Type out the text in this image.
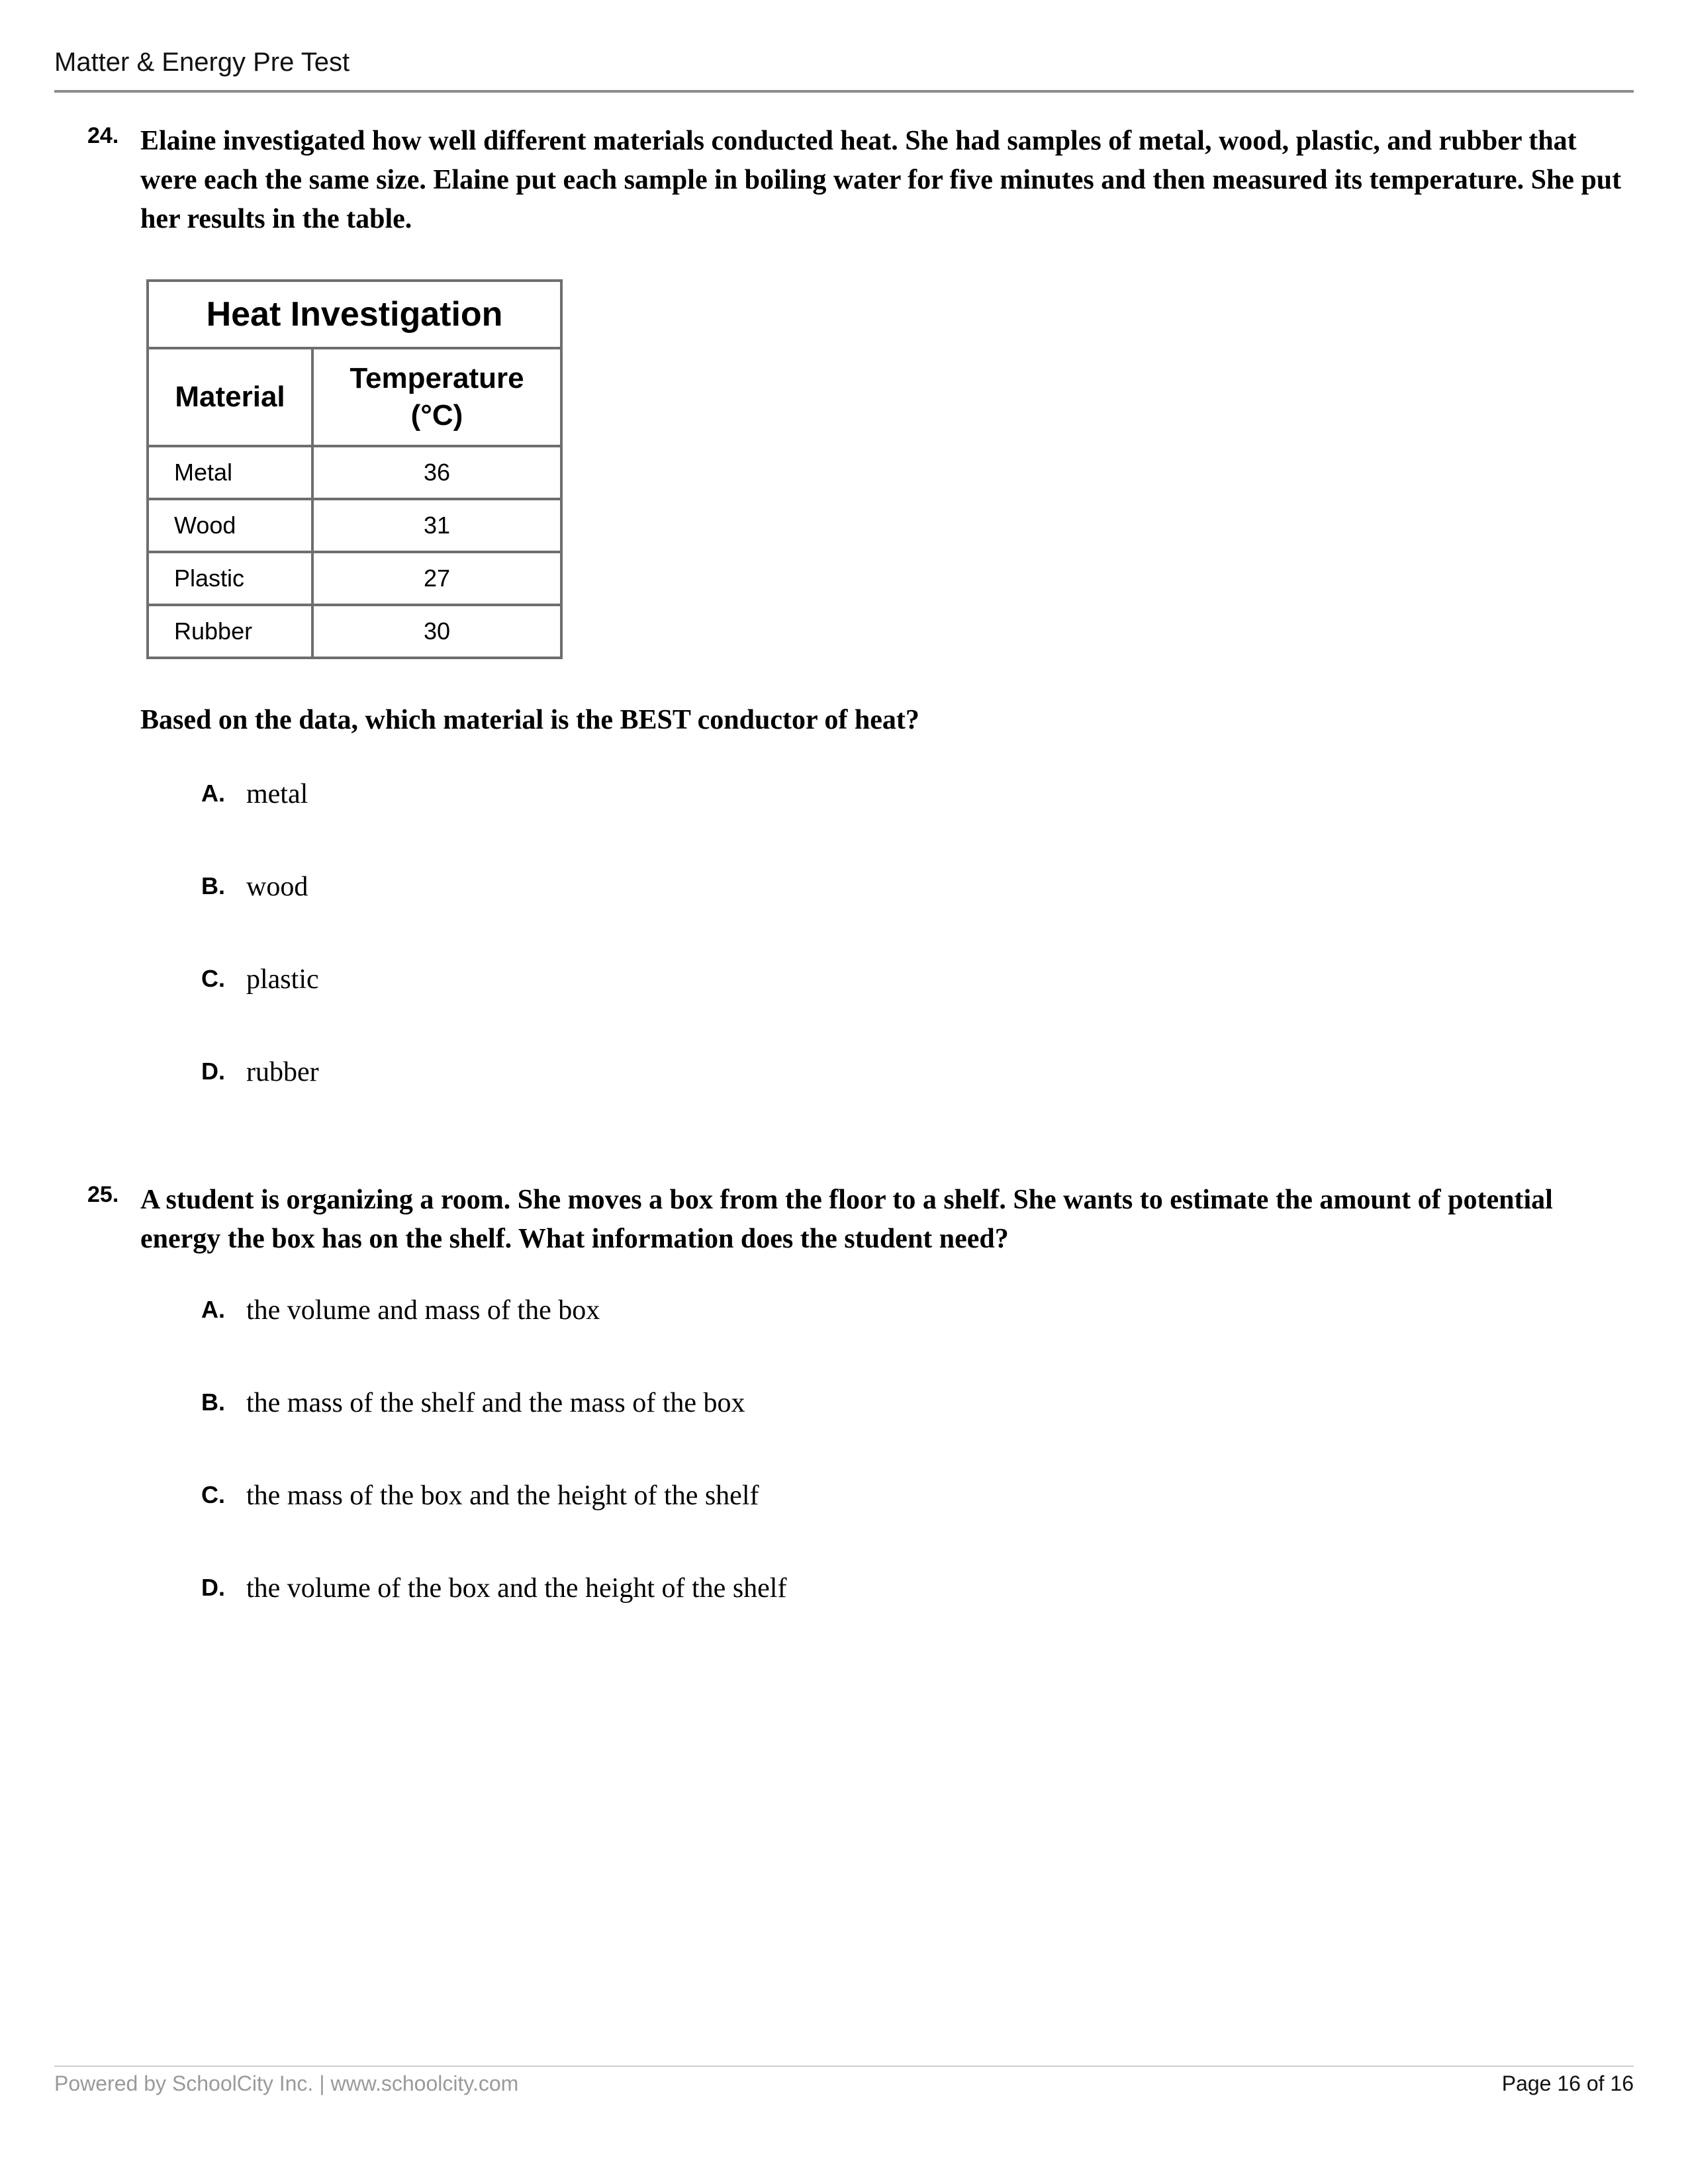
Matter & Energy Pre Test
24. Elaine investigated how well different materials conducted heat. She had samples of metal, wood, plastic, and rubber that were each the same size. Elaine put each sample in boiling water for five minutes and then measured its temperature. She put her results in the table.

Heat Investigation	
Material	Temperature (°C)
Metal	36
Wood	31
Plastic	27
Rubber	30
Based on the data, which material is the BEST conductor of heat?
A. metal
B. wood
C. plastic
D. rubber
25. A student is organizing a room. She moves a box from the floor to a shelf. She wants to estimate the amount of potential energy the box has on the shelf. What information does the student need?

A. the volume and mass of the box
B. the mass of the shelf and the mass of the box
C. the mass of the box and the height of the shelf
D. the volume of the box and the height of the shelf
Powered by SchoolCity Inc. | www.schoolcity.com	Page 16 of 16
